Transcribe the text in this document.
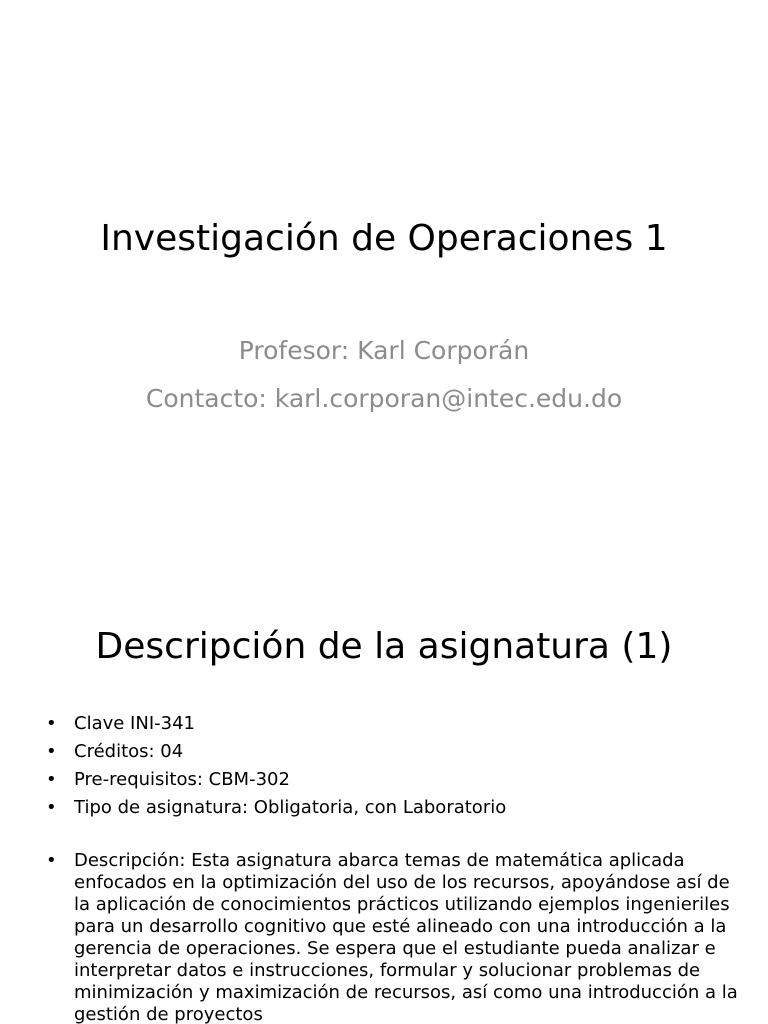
Investigación de Operaciones 1

Profesor: Karl Corporán

Contacto: karl.corporan@intec.edu.do

Descripción de la asignatura (1)
• Clave INI-341
• Créditos: 04
• Pre-requisitos: CBM-302
• Tipo de asignatura: Obligatoria, con Laboratorio
• Descripción: Esta asignatura abarca temas de matemática aplicada enfocados en la optimización del uso de los recursos, apoyándose así de la aplicación de conocimientos prácticos utilizando ejemplos ingenieriles para un desarrollo cognitivo que esté alineado con una introducción a la gerencia de operaciones. Se espera que el estudiante pueda analizar e interpretar datos e instrucciones, formular y solucionar problemas de minimización y maximización de recursos, así como una introducción a la gestión de proyectos
